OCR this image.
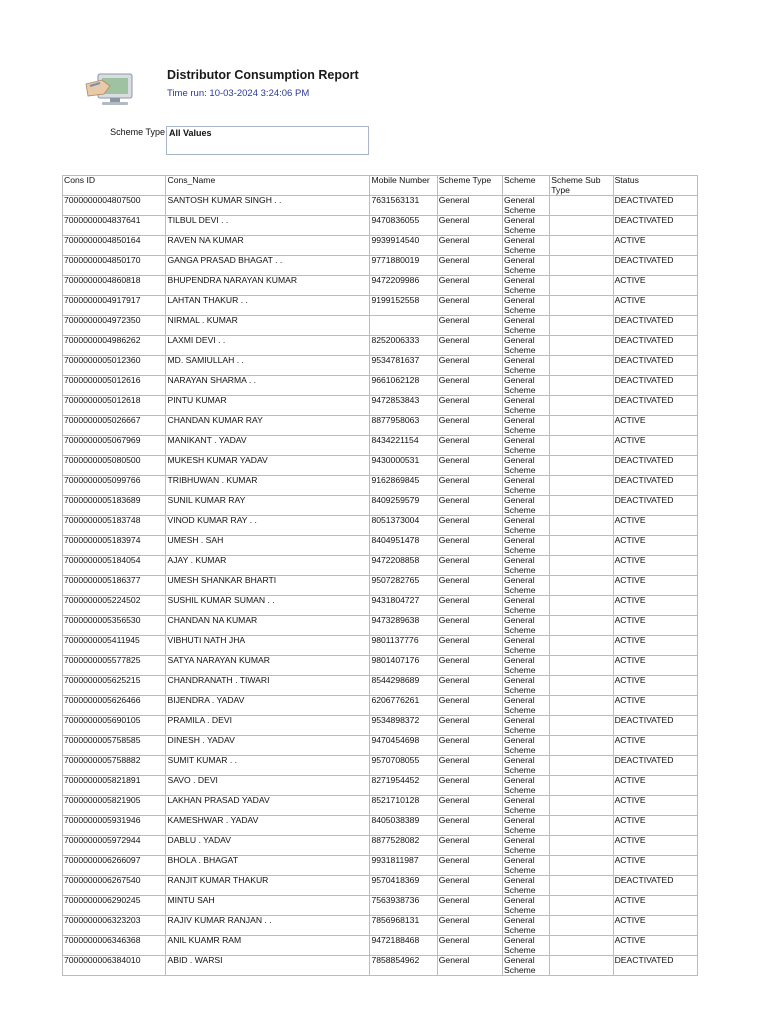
Distributor Consumption Report
Time run: 10-03-2024 3:24:06 PM
Scheme Type All Values
Cons ID	Cons_Name	Mobile Number	Scheme Type	Scheme	Scheme Sub Type	Status
7000000004807500	SANTOSH KUMAR SINGH . .	7631563131	General	General Scheme		DEACTIVATED
7000000004837641	TILBUL DEVI . .	9470836055	General	General Scheme		DEACTIVATED
7000000004850164	RAVEN NA KUMAR	9939914540	General	General Scheme		ACTIVE
7000000004850170	GANGA PRASAD BHAGAT . .	9771880019	General	General Scheme		DEACTIVATED
7000000004860818	BHUPENDRA NARAYAN KUMAR	9472209986	General	General Scheme		ACTIVE
7000000004917917	LAHTAN THAKUR . .	9199152558	General	General Scheme		ACTIVE
7000000004972350	NIRMAL . KUMAR		General	General Scheme		DEACTIVATED
7000000004986262	LAXMI DEVI . .	8252006333	General	General Scheme		DEACTIVATED
7000000005012360	MD. SAMIULLAH . .	9534781637	General	General Scheme		DEACTIVATED
7000000005012616	NARAYAN SHARMA . .	9661062128	General	General Scheme		DEACTIVATED
7000000005012618	PINTU KUMAR	9472853843	General	General Scheme		DEACTIVATED
7000000005026667	CHANDAN KUMAR RAY	8877958063	General	General Scheme		ACTIVE
7000000005067969	MANIKANT . YADAV	8434221154	General	General Scheme		ACTIVE
7000000005080500	MUKESH KUMAR YADAV	9430000531	General	General Scheme		DEACTIVATED
7000000005099766	TRIBHUWAN . KUMAR	9162869845	General	General Scheme		DEACTIVATED
7000000005183689	SUNIL KUMAR RAY	8409259579	General	General Scheme		DEACTIVATED
7000000005183748	VINOD KUMAR RAY . .	8051373004	General	General Scheme		ACTIVE
7000000005183974	UMESH . SAH	8404951478	General	General Scheme		ACTIVE
7000000005184054	AJAY . KUMAR	9472208858	General	General Scheme		ACTIVE
7000000005186377	UMESH SHANKAR BHARTI	9507282765	General	General Scheme		ACTIVE
7000000005224502	SUSHIL KUMAR SUMAN . .	9431804727	General	General Scheme		ACTIVE
7000000005356530	CHANDAN NA KUMAR	9473289638	General	General Scheme		ACTIVE
7000000005411945	VIBHUTI NATH JHA	9801137776	General	General Scheme		ACTIVE
7000000005577825	SATYA NARAYAN KUMAR	9801407176	General	General Scheme		ACTIVE
7000000005625215	CHANDRANATH . TIWARI	8544298689	General	General Scheme		ACTIVE
7000000005626466	BIJENDRA . YADAV	6206776261	General	General Scheme		ACTIVE
7000000005690105	PRAMILA . DEVI	9534898372	General	General Scheme		DEACTIVATED
7000000005758585	DINESH . YADAV	9470454698	General	General Scheme		ACTIVE
7000000005758882	SUMIT KUMAR . .	9570708055	General	General Scheme		DEACTIVATED
7000000005821891	SAVO . DEVI	8271954452	General	General Scheme		ACTIVE
7000000005821905	LAKHAN PRASAD YADAV	8521710128	General	General Scheme		ACTIVE
7000000005931946	KAMESHWAR . YADAV	8405038389	General	General Scheme		ACTIVE
7000000005972944	DABLU . YADAV	8877528082	General	General Scheme		ACTIVE
7000000006266097	BHOLA . BHAGAT	9931811987	General	General Scheme		ACTIVE
7000000006267540	RANJIT KUMAR THAKUR	9570418369	General	General Scheme		DEACTIVATED
7000000006290245	MINTU SAH	7563938736	General	General Scheme		ACTIVE
7000000006323203	RAJIV KUMAR RANJAN . .	7856968131	General	General Scheme		ACTIVE
7000000006346368	ANIL KUAMR RAM	9472188468	General	General Scheme		ACTIVE
7000000006384010	ABID . WARSI	7858854962	General	General Scheme		DEACTIVATED
